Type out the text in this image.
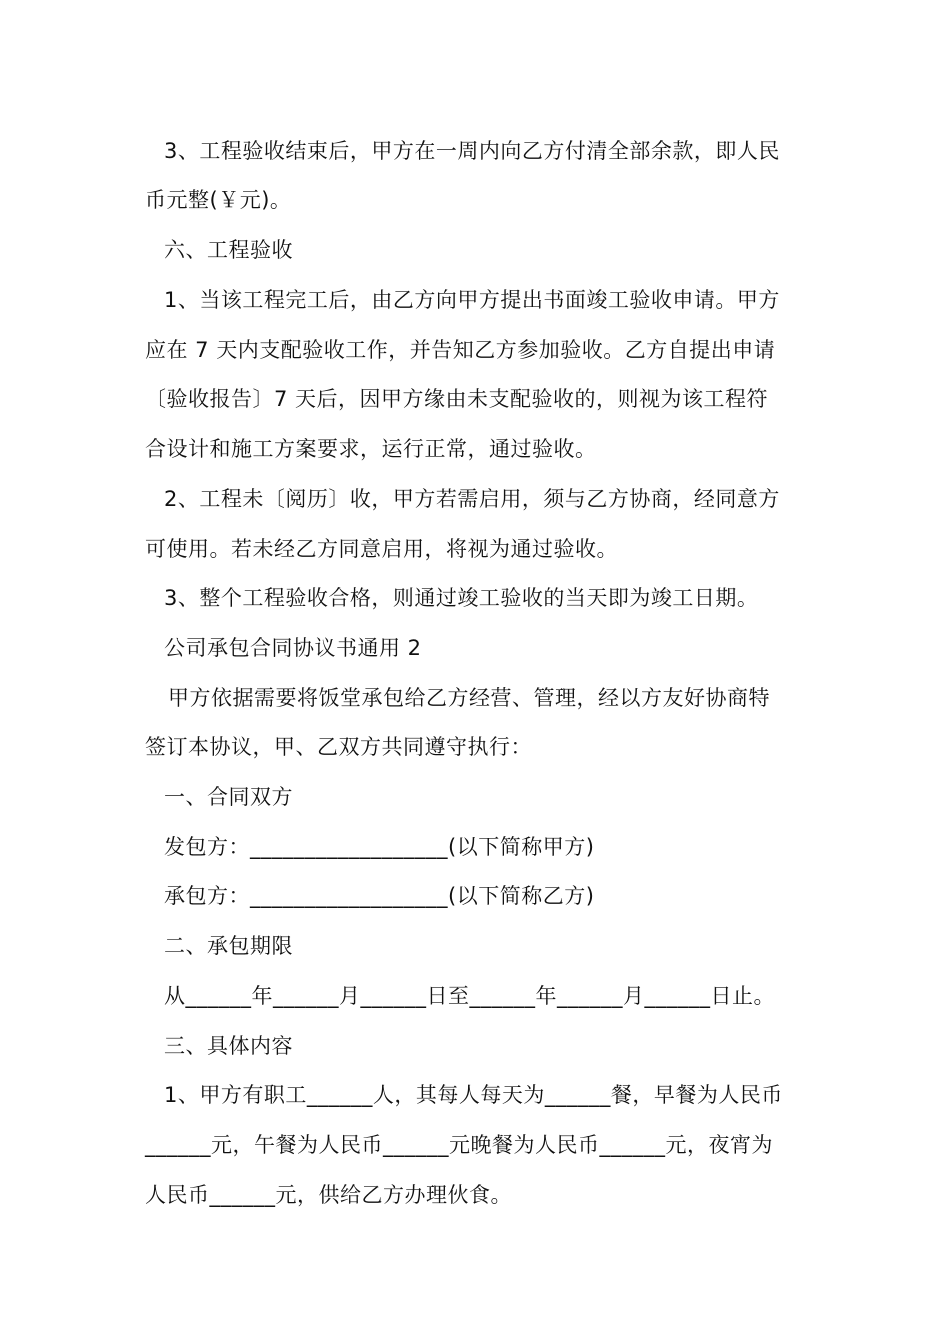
3、工程验收结束后，甲方在一周内向乙方付清全部余款，即人民
币元整(￥元)。
六、工程验收
1、当该工程完工后，由乙方向甲方提出书面竣工验收申请。甲方
应在 7 天内支配验收工作，并告知乙方参加验收。乙方自提出申请
〔验收报告〕7 天后，因甲方缘由未支配验收的，则视为该工程符
合设计和施工方案要求，运行正常，通过验收。
2、工程未〔阅历〕收，甲方若需启用，须与乙方协商，经同意方
可使用。若未经乙方同意启用，将视为通过验收。
3、整个工程验收合格，则通过竣工验收的当天即为竣工日期。
公司承包合同协议书通用 2
甲方依据需要将饭堂承包给乙方经营、管理，经以方友好协商特
签订本协议，甲、乙双方共同遵守执行：
一、合同双方
发包方：__________________(以下简称甲方)
承包方：__________________(以下简称乙方)
二、承包期限
从______年______月______日至______年______月______日止。
三、具体内容
1、甲方有职工______人，其每人每天为______餐，早餐为人民币
______元，午餐为人民币______元晚餐为人民币______元，夜宵为
人民币______元，供给乙方办理伙食。
